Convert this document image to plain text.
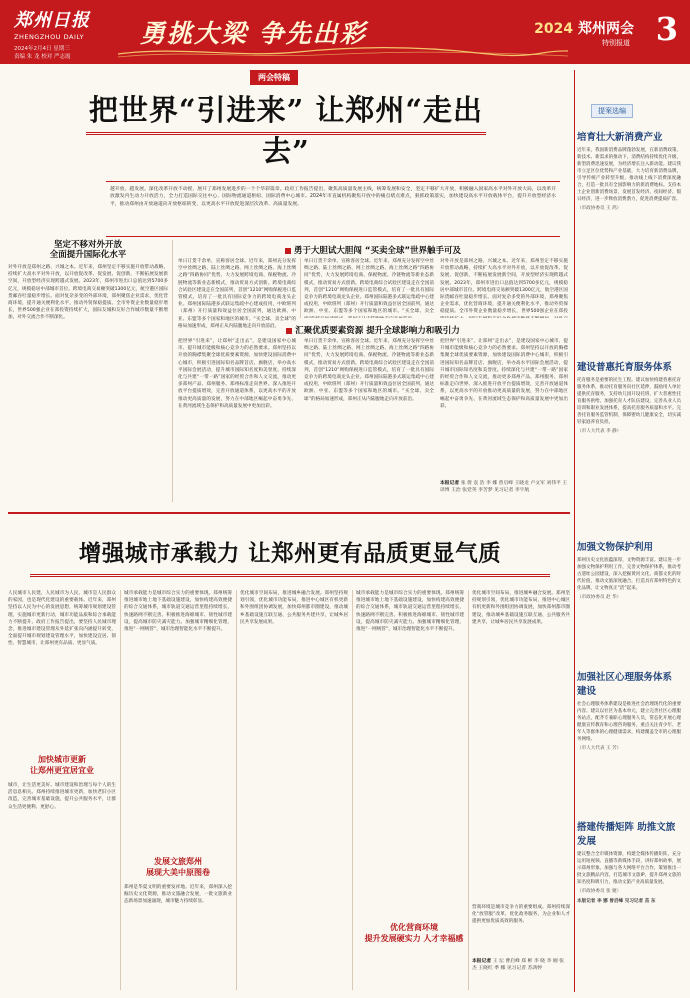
郑州日报
ZHENGZHOU DAILY
2024年2月4日 星期三
责编 朱 龙 校对 严志霞
勇挑大梁 争先出彩	2024 郑州两会
特别报道 3
两会特稿
把世界“引进来” 让郑州“走出去”
越开放，越发展。深化改革开放不动摇，展开了郑州发展进步的一个个华彩篇章。政府工作报告提出，聚焦高质量发展主线，统筹发展和安全，坚定不移扩大开放，积极融入国家高水平对外开放大局，以改革开放激发内生动力开放活力，全力打造国际交往中心、国际物流通道枢纽、国际消费中心城市。2024年市直属机构聚焦开放中的痛点堵点难点，狠抓政策落实，加快建设高水平开放载体平台，提升开放型经济水平，推动郑州由开放通道向开放枢纽转变，以更高水平开放促进深层次改革、高质量发展。
坚定不移对外开放
全面提升国际化水平
对外开放是郑州之路、兴城之本。近年来，郑州坚定不移实施开放带动战略，持续扩大高水平对外开放，以开放促改革、促发展、促创新，不断拓展发展新空间，开放型经济实现跨越式发展。2023年，郑州市进出口总值达到5700多亿元，规模稳居中部城市首位。跨境电商交易额突破1300亿元，航空港区国际货邮吞吐量稳步增长。面对复杂多变的外部环境，郑州聚焦企业需求，优化营商环境，提升通关便利化水平，推动外贸保稳提质。全市外资企业数量稳步增长，世界500强企业在郑投资持续扩大，国际友城和友好合作城市数量不断增加，对外交流合作不断深化。
勇于大胆试大胆闯 “买卖全球”世界触手可及
单日订货千余单，宣称客居全球。近年来，郑州充分发挥空中丝绸之路、陆上丝绸之路、网上丝绸之路、海上丝绸之路“四路协同”优势，大力发展跨境电商、保税物流、冷链物流等新业态新模式，推动贸易方式创新。跨境电商综合试验区建设走在全国前列，首创“1210”网购保税进口监管模式，培育了一批具有国际竞争力的跨境电商龙头企业。郑州国际陆港多式联运集疏中心建成投用，中欧班列（郑州）开行质量和效益位居全国前列，通达欧洲、中亚、东盟等多个国家和地区的城市。“买全球、卖全球”的格局加速形成，郑州正从内陆腹地走向开放前沿。
单日订货千余单，宣称客居全球。近年来，郑州充分发挥空中丝绸之路、陆上丝绸之路、网上丝绸之路、海上丝绸之路“四路协同”优势，大力发展跨境电商、保税物流、冷链物流等新业态新模式，推动贸易方式创新。跨境电商综合试验区建设走在全国前列，首创“1210”网购保税进口监管模式，培育了一批具有国际竞争力的跨境电商龙头企业。郑州国际陆港多式联运集疏中心建成投用，中欧班列（郑州）开行质量和效益位居全国前列，通达欧洲、中亚、东盟等多个国家和地区的城市。“买全球、卖全
对外开放是郑州之路、兴城之本。近年来，郑州坚定不移实施开放带动战略，持续扩大高水平对外开放，以开放促改革、促发展、促创新，不断拓展发展新空间，开放型经济实现跨越式发展。2023年，郑州市进出口总值达到5700多亿元，规模稳居中部城市首位。跨境电商交易额突破1300亿元，航空港区国际货邮吞吐量稳步增长。面对复杂多变的外部环境，郑州聚焦企业需求，优化营商环境，提升通关便利化水平，推动外贸保稳提质。全市外资企业数量稳步增长，世界500强企业在郑投
汇聚优质要素资源 提升全球影响力和吸引力
把世界“引进来”，让郑州“走出去”，是建设国家中心城市、提升城市能级和核心竞争力的必然要求。郑州坚持以开放的胸襟集聚全球优质要素资源，加快建设国际消费中心城市，积极引进国际知名品牌首店、旗舰店，举办高水平国际会展活动，提升城市国际知名度和美誉度。持续深化与共建“一带一路”国家的经贸合作和人文交流，推动更多郑州产品、郑州服务、郑州标准走向世界。深入推进开放平台提质增效，完善开放通道体系，以更高水平的开放推动更高质量的发展，努力在中部地区崛起中奋勇争先、在黄河流域生态保护和高质量发展中更加出彩。
单日订货千余单，宣称客居全球。近年来，郑州充分发挥空中丝绸之路、陆上丝绸之路、网上丝绸之路、海上丝绸之路“四路协同”优势，大力发展跨境电商、保税物流、冷链物流等新业态新模式，推动贸易方式创新。跨境电商综合试验区建设走在全国前列，首创“1210”网购保税进口监管模式，培育了一批具有国际竞争力的跨境电商龙头企业。郑州国际陆港多式联运集疏中心建成投用，中欧班列（郑州）开行质量和效益位居全国前列，通达欧洲、中亚、东盟等多个国家和地区的城市。“买全球、卖全球”的格局加速形成，郑州正从内陆腹地走向开放前沿。
把世界“引进来”，让郑州“走出去”，是建设国家中心城市、提升城市能级和核心竞争力的必然要求。郑州坚持以开放的胸襟集聚全球优质要素资源，加快建设国际消费中心城市，积极引进国际知名品牌首店、旗舰店，举办高水平国际会展活动，提升城市国际知名度和美誉度。持续深化与共建“一带一路”国家的经贸合作和人文交流，推动更多郑州产品、郑州服务、郑州标准走向世界。深入推进开放平台提质增效，完善开放通道体系，以更高水平的开放推动更高质量的发展，努力在中部地区崛起中奋勇争先、在黄河流域生态保护和高质量发展中更加出彩。
本报记者 张 倩 袁 浩 李 娜 曾启峰 王晓龙 卢文军 刘伟平 王译博 王治 张党英 李苦梦 见习记者 李宇航
增强城市承载力 让郑州更有品质更显气质
人民城市人民建，人民城市为人民。城市是人民群众的家园，也是现代化建设的重要载体。近年来，郑州坚持以人民为中心的发展思想，统筹城市规划建设管理，实施城市更新行动，城市功能品质和综合承载能力不断提升。政府工作报告提出，要坚持人民城市理念，推进城市建设管理从外延扩张向内涵提升转变，全面提升城市规划建设管理水平，加快建设宜居、韧性、智慧城市，让郑州更有品质、更显气质。
加快城市更新
让郑州更宜居宜业
城市，让生活更美好。城市建设和治理与每个人的生活息息相关。郑州持续推进城市更新，加快老旧小区改造，完善城市基础设施，提升公共服务水平，让群众生活更便利、更舒心。
城市承载能力是城市综合实力的重要体现。郑州统筹推进城市地上地下基础设施建设，加快构建高效便捷的综合交通体系，城市轨道交通运营里程持续增长，快速路网不断完善。积极推进海绵城市、韧性城市建设，提高城市防灾减灾能力。加强城市精细化管理，推进“一网统管”，城市治理智能化水平不断提升。
发展文旅郑州
展现大美中原图卷
郑州是华夏文明的重要发祥地。近年来，郑州深入挖掘历史文化资源，推动文旅融合发展，一批文旅新业态新场景加速涌现，城市魅力持续彰显。
优化城市空间布局，推进城乡融合发展。郑州坚持规划引领，优化城市功能布局，推进中心城区有机更新和外围组团协调发展，加快郑州都市圈建设，推动城乡基础设施互联互通、公共服务共建共享，让城乡居民共享发展成果。
城市承载能力是城市综合实力的重要体现。郑州统筹推进城市地上地下基础设施建设，加快构建高效便捷的综合交通体系，城市轨道交通运营里程持续增长，快速路网不断完善。积极推进海绵城市、韧性城市建设，提高城市防灾减灾能力。加强城市精细化管理，推进“一网统管”，城市治理智能化水平不断提升。
优化城市空间布局，推进城乡融合发展。郑州坚持规划引领，优化城市功能布局，推进中心城区有机更新和外围组团协调发展，加快郑州都市圈建设，推动城乡基础设施互联互通、公共服务共建共享，让城乡居民共享发展成果。
优化营商环境
提升发展硬实力 人才幸福感
营商环境是城市竞争力的重要组成。郑州持续深化“放管服”改革，优化政务服务，为企业和人才提供更加优质高效的服务。
本报记者 王 坛 曹启峰 郑 彬 李 晓 李 刚 张 杰 王晓红 季 娜 见习记者 苏鸿婷
提案选编
培育壮大新消费产业
近年来，我国新消费品牌蓬勃发展，在新消费政策、新技术、新需求的推动下，消费结构持续优化升级，新型消费迅速发展，为经济增长注入新动能。建议我市立足区位优势和产业基础，大力培育新消费品牌，引导传统产业转型升级，推动线上线下消费深度融合，打造一批具有全国影响力的新消费地标。支持本土企业创新消费场景，发展首发经济、夜间经济、假日经济，进一步释放消费潜力，促进消费提质扩容。
（市政协委员 王 鸿）
建设普惠托育服务体系
托育服务是重要的民生工程。建议加快构建普惠托育服务体系，推动托育服务向社区延伸，鼓励用人单位提供托育服务，支持幼儿园开设托班，扩大普惠性托育服务供给。加强托育人才队伍建设，完善从业人员培训和职业发展体系，提高托育服务质量和水平。完善托育服务监管机制，保障婴幼儿健康安全，切实减轻家庭养育负担。
（市人大代表 李 静）
加强文物保护利用
郑州历史文化底蕴深厚，文物资源丰富。建议进一步加强文物保护利用工作，完善文物保护体系，推动考古遗址公园建设，深入挖掘黄河文化、商都文化的时代价值，推动文旅深度融合，打造具有郑州特色的文化品牌，让文物真正“活”起来。
（市政协委员 赵 华）
加强社区心理服务体系建设
社会心理服务体系建设是推进社会治理现代化的重要内容。建议以社区为基本单元，建立完善社区心理服务站点，配齐专兼职心理服务人员，常态化开展心理健康宣传教育和心理咨询服务，重点关注青少年、老年人等群体的心理健康需求，构建覆盖全市的心理服务网络。
（市人大代表 王 芳）
搭建传播矩阵 助推文旅发展
建议整合全市媒体资源，构建全媒体传播矩阵，充分运用短视频、直播等新媒体手段，讲好郑州故事，展示郑州形象。加强与各大网络平台合作，策划推出一批文旅精品内容，打造城市文旅IP，提升郑州文旅的知名度和吸引力，推动文旅产业高质量发展。
（市政协委员 张 婕）
本版记者 李 娜 曾启峰 见习记者 苗 东
